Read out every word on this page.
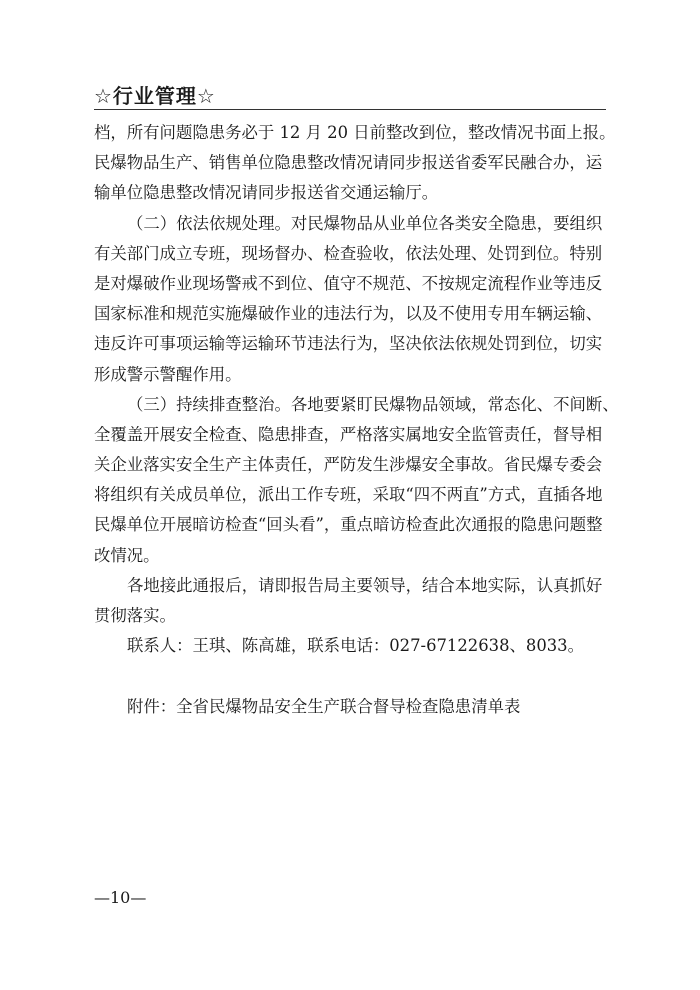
☆行业管理☆
档，所有问题隐患务必于 12 月 20 日前整改到位，整改情况书面上报。
民爆物品生产、销售单位隐患整改情况请同步报送省委军民融合办，运
输单位隐患整改情况请同步报送省交通运输厅。
（二）依法依规处理。对民爆物品从业单位各类安全隐患，要组织
有关部门成立专班，现场督办、检查验收，依法处理、处罚到位。特别
是对爆破作业现场警戒不到位、值守不规范、不按规定流程作业等违反
国家标准和规范实施爆破作业的违法行为，以及不使用专用车辆运输、
违反许可事项运输等运输环节违法行为，坚决依法依规处罚到位，切实
形成警示警醒作用。
（三）持续排查整治。各地要紧盯民爆物品领域，常态化、不间断、
全覆盖开展安全检查、隐患排查，严格落实属地安全监管责任，督导相
关企业落实安全生产主体责任，严防发生涉爆安全事故。省民爆专委会
将组织有关成员单位，派出工作专班，采取“四不两直”方式，直插各地
民爆单位开展暗访检查“回头看”，重点暗访检查此次通报的隐患问题整
改情况。
各地接此通报后，请即报告局主要领导，结合本地实际，认真抓好
贯彻落实。
联系人：王琪、陈高雄，联系电话：027-67122638、8033。
附件：全省民爆物品安全生产联合督导检查隐患清单表
—10—
